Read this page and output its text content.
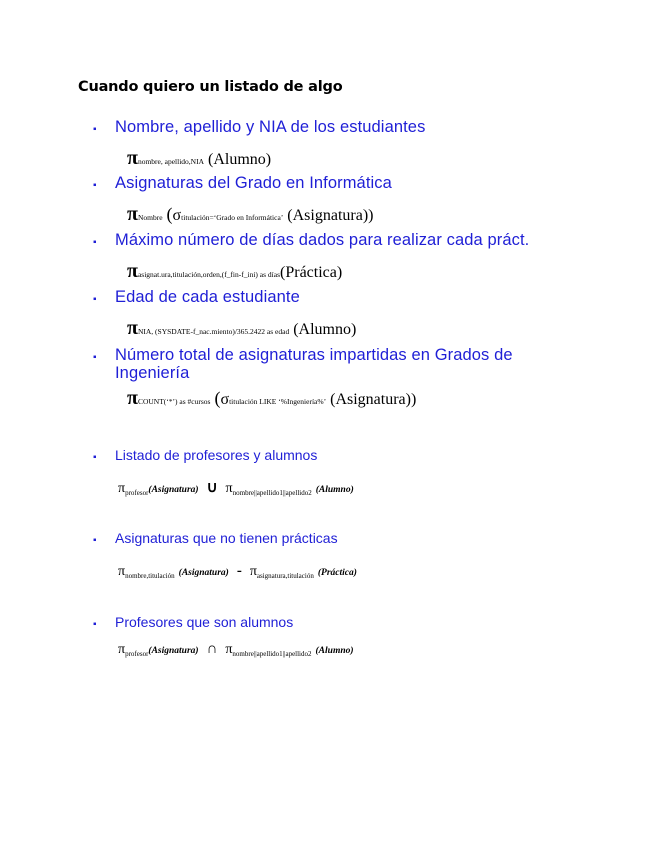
Cuando quiero un listado de algo
▪	Nombre, apellido y NIA de los estudiantes
πnombre, apellido,NIA (Alumno)
▪	Asignaturas del Grado en Informática
πNombre (σtitulación=‘Grado en Informática’ (Asignatura))
▪	Máximo número de días dados para realizar cada práct.
πasignat.ura,titulación,orden,(f_fin-f_ini) as días(Práctica)
▪	Edad de cada estudiante
πNIA, (SYSDATE-f_nac.miento)/365.2422 as edad (Alumno)
▪	Número total de asignaturas impartidas en Grados de
Ingeniería
πCOUNT(‘*’) as #cursos (σtitulación LIKE ‘%Ingeniería%’ (Asignatura))
▪	Listado de profesores y alumnos
πprofesor(Asignatura) ∪ πnombre||apellido1||apellido2 (Alumno)
▪	Asignaturas que no tienen prácticas
πnombre,titulación (Asignatura) - πasignatura,titulación (Práctica)
▪	Profesores que son alumnos
πprofesor(Asignatura) ∩ πnombre||apellido1||apellido2 (Alumno)
